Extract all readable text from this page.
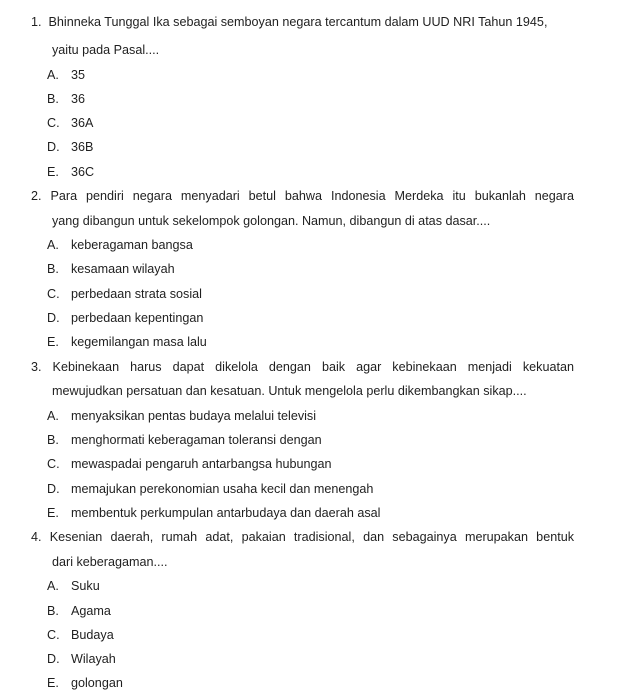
1. Bhinneka Tunggal Ika sebagai semboyan negara tercantum dalam UUD NRI Tahun 1945,
yaitu pada Pasal....
A. 35
B. 36
C. 36A
D. 36B
E. 36C
2. Para pendiri negara menyadari betul bahwa Indonesia Merdeka itu bukanlah negara
yang dibangun untuk sekelompok golongan. Namun, dibangun di atas dasar....
A. keberagaman bangsa
B. kesamaan wilayah
C. perbedaan strata sosial
D. perbedaan kepentingan
E. kegemilangan masa lalu
3. Kebinekaan harus dapat dikelola dengan baik agar kebinekaan menjadi kekuatan
mewujudkan persatuan dan kesatuan. Untuk mengelola perlu dikembangkan sikap....
A. menyaksikan pentas budaya melalui televisi
B. menghormati keberagaman toleransi dengan
C. mewaspadai pengaruh antarbangsa hubungan
D. memajukan perekonomian usaha kecil dan menengah
E. membentuk perkumpulan antarbudaya dan daerah asal
4. Kesenian daerah, rumah adat, pakaian tradisional, dan sebagainya merupakan bentuk
dari keberagaman....
A. Suku
B. Agama
C. Budaya
D. Wilayah
E. golongan
